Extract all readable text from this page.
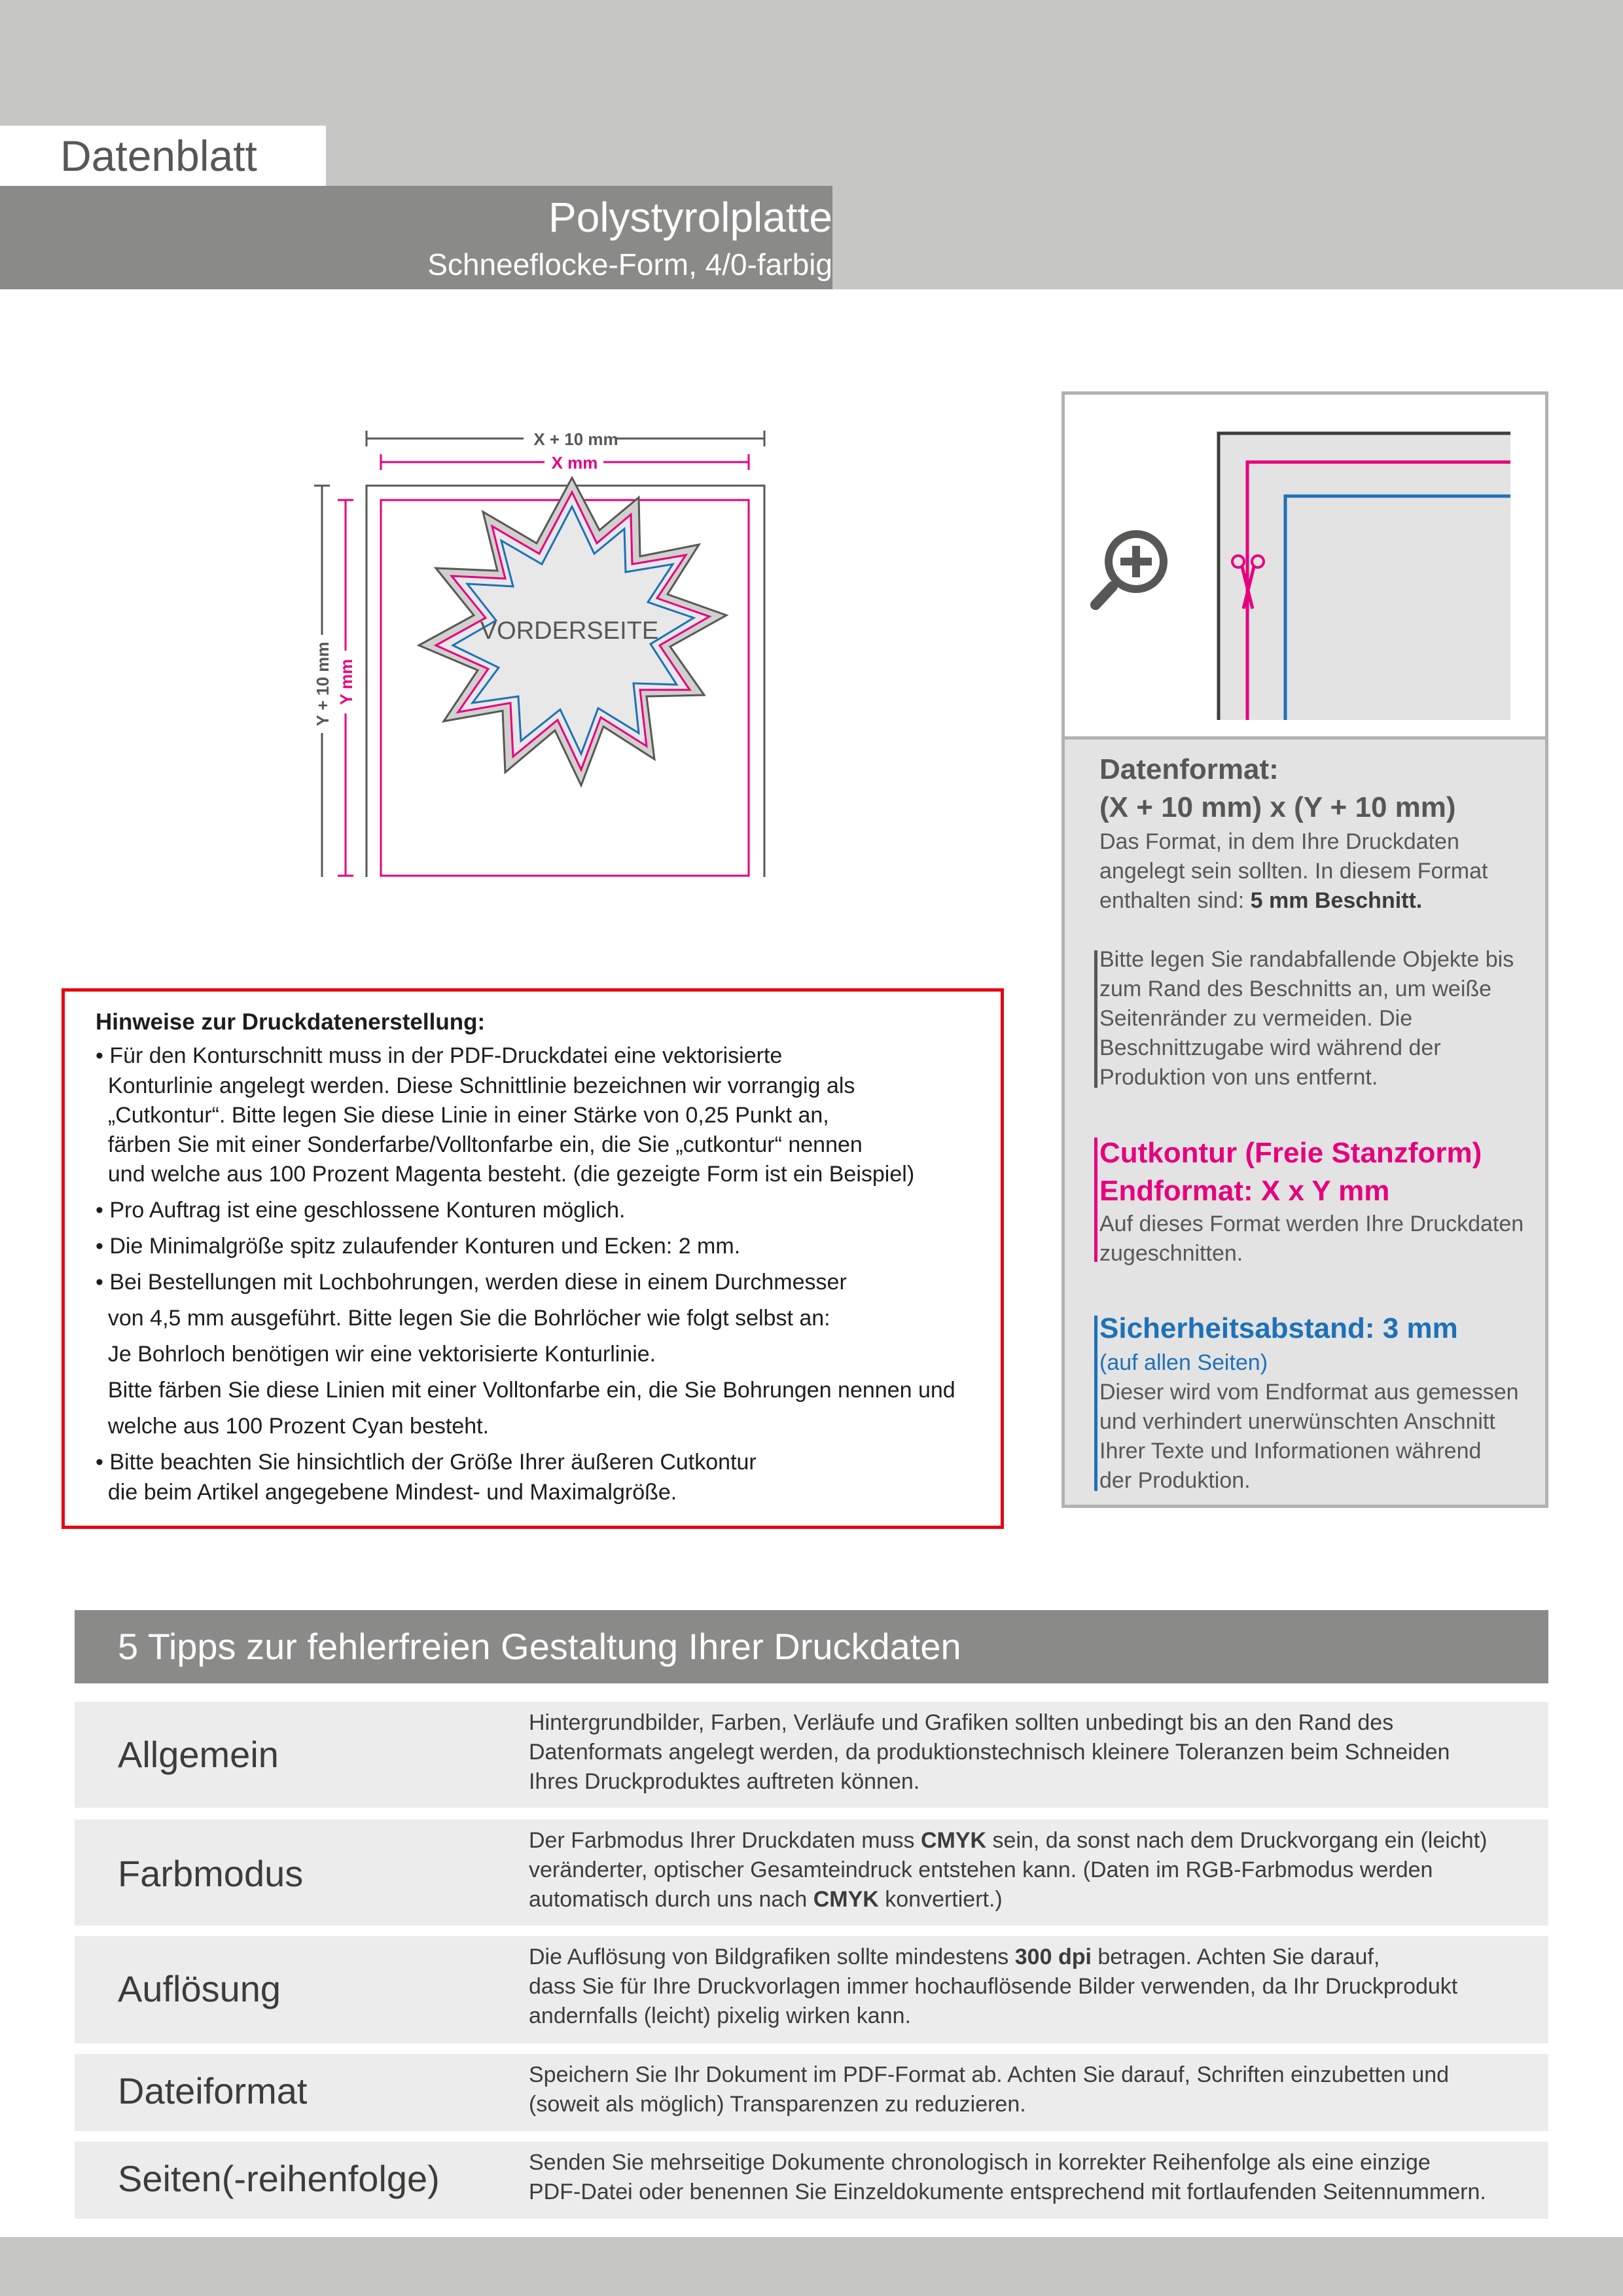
Datenblatt
Polystyrolplatte
Schneeflocke-Form, 4/0-farbig
X + 10 mm
X mm
Y + 10 mm Y mm
VORDERSEITE
Hinweise zur Druckdatenerstellung:
• Für den Konturschnitt muss in der PDF-Druckdatei eine vektorisierte
Konturlinie angelegt werden. Diese Schnittlinie bezeichnen wir vorrangig als
„Cutkontur“. Bitte legen Sie diese Linie in einer Stärke von 0,25 Punkt an,
färben Sie mit einer Sonderfarbe/Volltonfarbe ein, die Sie „cutkontur“ nennen
und welche aus 100 Prozent Magenta besteht. (die gezeigte Form ist ein Beispiel)
• Pro Auftrag ist eine geschlossene Konturen möglich.
• Die Minimalgröße spitz zulaufender Konturen und Ecken: 2 mm.
• Bei Bestellungen mit Lochbohrungen, werden diese in einem Durchmesser
von 4,5 mm ausgeführt. Bitte legen Sie die Bohrlöcher wie folgt selbst an:
Je Bohrloch benötigen wir eine vektorisierte Konturlinie.
Bitte färben Sie diese Linien mit einer Volltonfarbe ein, die Sie Bohrungen nennen und
welche aus 100 Prozent Cyan besteht.
• Bitte beachten Sie hinsichtlich der Größe Ihrer äußeren Cutkontur
die beim Artikel angegebene Mindest- und Maximalgröße.
Datenformat:
(X + 10 mm) x (Y + 10 mm)
Das Format, in dem Ihre Druckdaten
angelegt sein sollten. In diesem Format
enthalten sind: 5 mm Beschnitt.
Bitte legen Sie randabfallende Objekte bis
zum Rand des Beschnitts an, um weiße
Seitenränder zu vermeiden. Die
Beschnittzugabe wird während der
Produktion von uns entfernt.
Cutkontur (Freie Stanzform)
Endformat: X x Y mm
Auf dieses Format werden Ihre Druckdaten
zugeschnitten.
Sicherheitsabstand: 3 mm
(auf allen Seiten)
Dieser wird vom Endformat aus gemessen
und verhindert unerwünschten Anschnitt
Ihrer Texte und Informationen während
der Produktion.
5 Tipps zur fehlerfreien Gestaltung Ihrer Druckdaten
Allgemein
Hintergrundbilder, Farben, Verläufe und Grafiken sollten unbedingt bis an den Rand des
Datenformats angelegt werden, da produktionstechnisch kleinere Toleranzen beim Schneiden
Ihres Druckproduktes auftreten können.
Farbmodus
Der Farbmodus Ihrer Druckdaten muss CMYK sein, da sonst nach dem Druckvorgang ein (leicht)
veränderter, optischer Gesamteindruck entstehen kann. (Daten im RGB-Farbmodus werden
automatisch durch uns nach CMYK konvertiert.)
Auflösung
Die Auflösung von Bildgrafiken sollte mindestens 300 dpi betragen. Achten Sie darauf,
dass Sie für Ihre Druckvorlagen immer hochauflösende Bilder verwenden, da Ihr Druckprodukt
andernfalls (leicht) pixelig wirken kann.
Dateiformat	Speichern Sie Ihr Dokument im PDF-Format ab. Achten Sie darauf, Schriften einzubetten und
(soweit als möglich) Transparenzen zu reduzieren.
Seiten(-reihenfolge)	Senden Sie mehrseitige Dokumente chronologisch in korrekter Reihenfolge als eine einzige
PDF-Datei oder benennen Sie Einzeldokumente entsprechend mit fortlaufenden Seitennummern.
